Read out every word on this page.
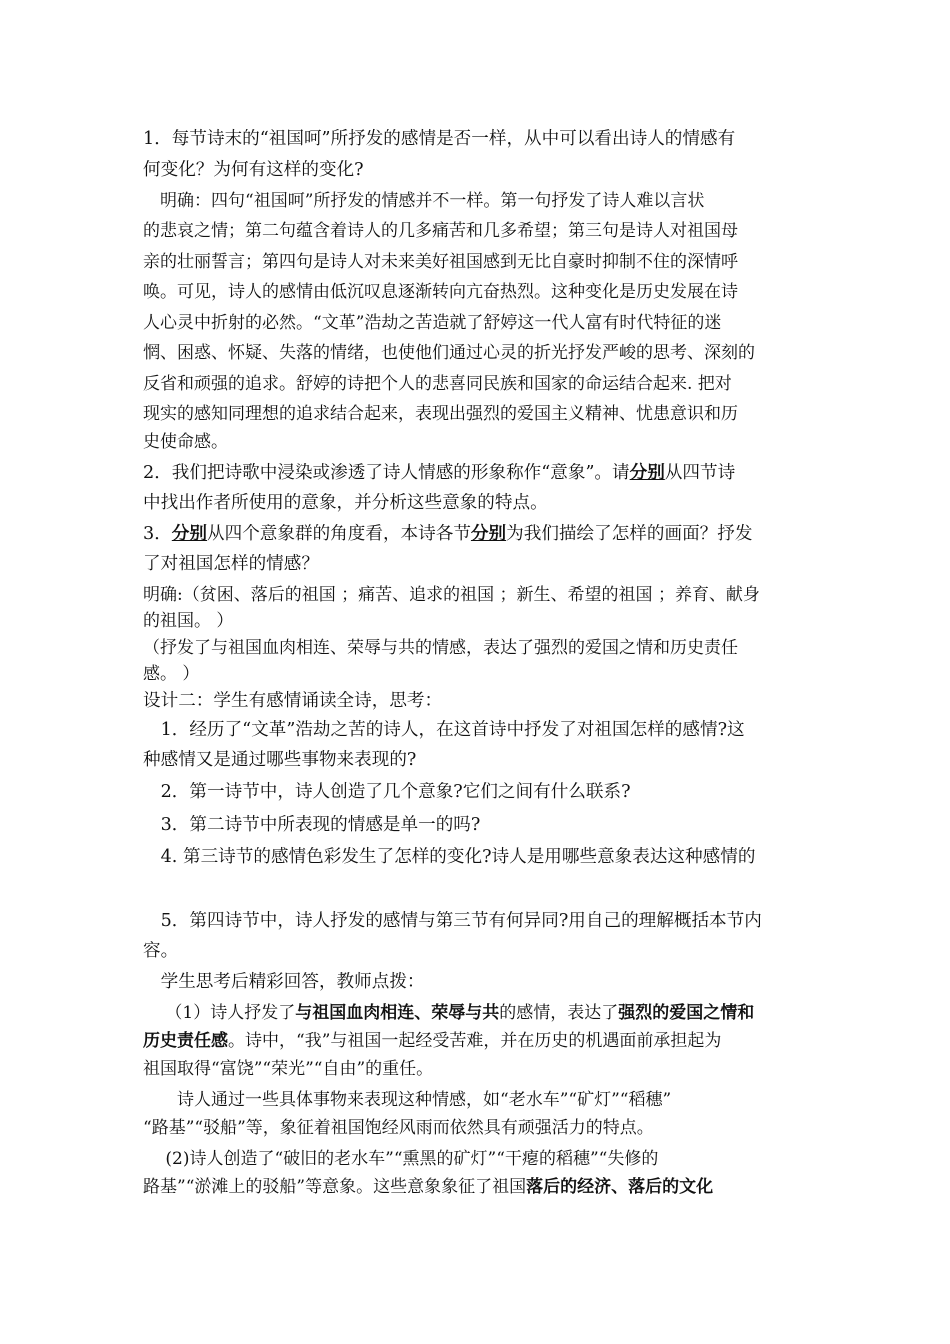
1．每节诗末的“祖国呵”所抒发的感情是否一样，从中可以看出诗人的情感有
何变化？为何有这样的变化?
　明确：四句“祖国呵”所抒发的情感并不一样。第一句抒发了诗人难以言状
的悲哀之情；第二句蕴含着诗人的几多痛苦和几多希望；第三句是诗人对祖国母
亲的壮丽誓言；第四句是诗人对未来美好祖国感到无比自豪时抑制不住的深情呼
唤。可见，诗人的感情由低沉叹息逐渐转向亢奋热烈。这种变化是历史发展在诗
人心灵中折射的必然。“文革”浩劫之苦造就了舒婷这一代人富有时代特征的迷
惘、困惑、怀疑、失落的情绪，也使他们通过心灵的折光抒发严峻的思考、深刻的
反省和顽强的追求。舒婷的诗把个人的悲喜同民族和国家的命运结合起来. 把对
现实的感知同理想的追求结合起来，表现出强烈的爱国主义精神、忧患意识和历
史使命感。
2．我们把诗歌中浸染或渗透了诗人情感的形象称作“意象”。请分别从四节诗
中找出作者所使用的意象，并分析这些意象的特点。
3．分别从四个意象群的角度看，本诗各节分别为我们描绘了怎样的画面？抒发
了对祖国怎样的情感？
明确:（贫困、落后的祖国 ；痛苦、追求的祖国 ；新生、希望的祖国 ；养育、献身
的祖国。 ）
（抒发了与祖国血肉相连、荣辱与共的情感，表达了强烈的爱国之情和历史责任
感。 ）
设计二：学生有感情诵读全诗，思考：
　1．经历了“文革”浩劫之苦的诗人，在这首诗中抒发了对祖国怎样的感情?这
种感情又是通过哪些事物来表现的?
　2．第一诗节中，诗人创造了几个意象?它们之间有什么联系?
　3．第二诗节中所表现的情感是单一的吗?
　4. 第三诗节的感情色彩发生了怎样的变化?诗人是用哪些意象表达这种感情的
　5．第四诗节中，诗人抒发的感情与第三节有何异同?用自己的理解概括本节内
容。
　学生思考后精彩回答，教师点拨：
　 （1）诗人抒发了与祖国血肉相连、荣辱与共的感情，表达了强烈的爱国之情和
历史责任感。诗中，“我”与祖国一起经受苦难，并在历史的机遇面前承担起为
祖国取得“富饶”“荣光”“自由”的重任。
　　诗人通过一些具体事物来表现这种情感，如“老水车”“矿灯”“稻穗”
“路基”“驳船”等，象征着祖国饱经风雨而依然具有顽强活力的特点。
　 (2)诗人创造了“破旧的老水车”“熏黑的矿灯”“干瘪的稻穗”“失修的
路基”“淤滩上的驳船”等意象。这些意象象征了祖国落后的经济、落后的文化
